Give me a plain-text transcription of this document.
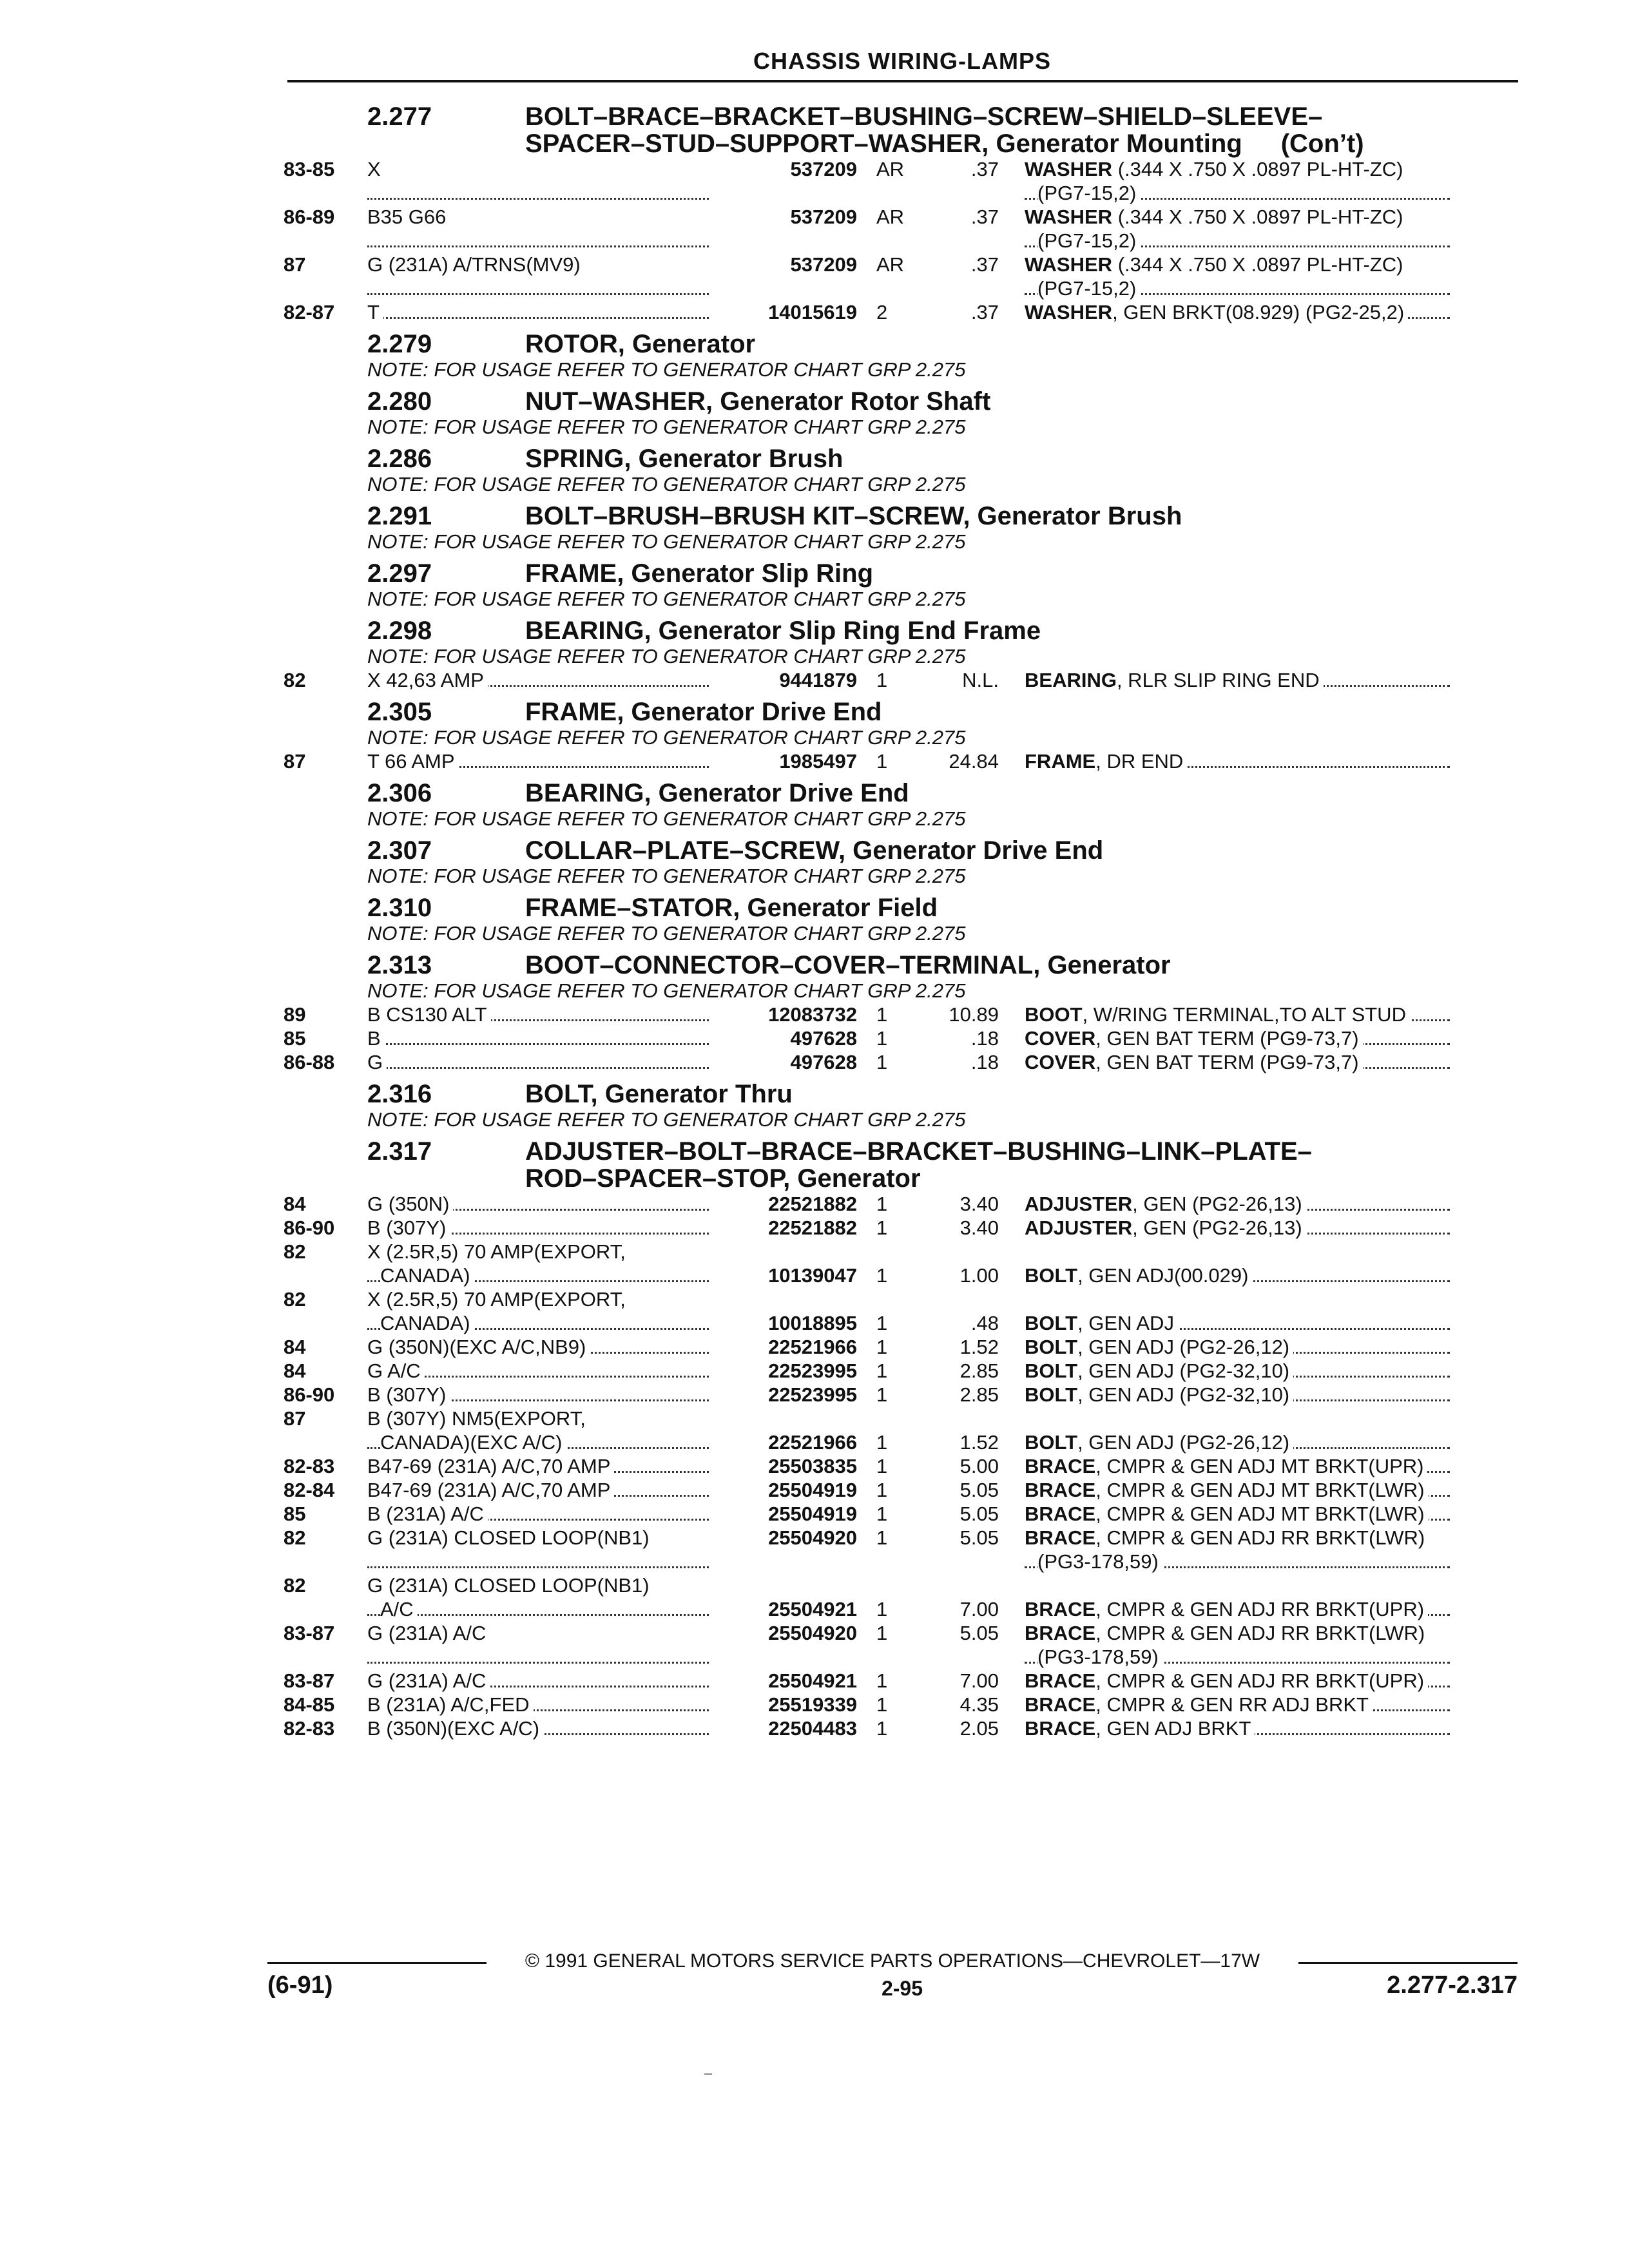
CHASSIS WIRING-LAMPS
2.277	BOLT–BRACE–BRACKET–BUSHING–SCREW–SHIELD–SLEEVE–
SPACER–STUD–SUPPORT–WASHER, Generator Mounting (Con’t)
83-85	X	537209 AR	.37	WASHER (.344 X .750 X .0897 PL-HT-ZC)
(PG7-15,2)
86-89	B35 G66	537209 AR	.37	WASHER (.344 X .750 X .0897 PL-HT-ZC)
(PG7-15,2)
87	G (231A) A/TRNS(MV9)	537209 AR	.37	WASHER (.344 X .750 X .0897 PL-HT-ZC)
(PG7-15,2)
82-87	T	14015619 2	.37	WASHER, GEN BRKT(08.929) (PG2-25,2)
2.279	ROTOR, Generator
NOTE: FOR USAGE REFER TO GENERATOR CHART GRP 2.275
2.280	NUT–WASHER, Generator Rotor Shaft
NOTE: FOR USAGE REFER TO GENERATOR CHART GRP 2.275
2.286	SPRING, Generator Brush
NOTE: FOR USAGE REFER TO GENERATOR CHART GRP 2.275
2.291	BOLT–BRUSH–BRUSH KIT–SCREW, Generator Brush
NOTE: FOR USAGE REFER TO GENERATOR CHART GRP 2.275
2.297	FRAME, Generator Slip Ring
NOTE: FOR USAGE REFER TO GENERATOR CHART GRP 2.275
2.298	BEARING, Generator Slip Ring End Frame
NOTE: FOR USAGE REFER TO GENERATOR CHART GRP 2.275
82	X 42,63 AMP	9441879 1	N.L.	BEARING, RLR SLIP RING END
2.305	FRAME, Generator Drive End
NOTE: FOR USAGE REFER TO GENERATOR CHART GRP 2.275
87	T 66 AMP	1985497 1	24.84	FRAME, DR END
2.306	BEARING, Generator Drive End
NOTE: FOR USAGE REFER TO GENERATOR CHART GRP 2.275
2.307	COLLAR–PLATE–SCREW, Generator Drive End
NOTE: FOR USAGE REFER TO GENERATOR CHART GRP 2.275
2.310	FRAME–STATOR, Generator Field
NOTE: FOR USAGE REFER TO GENERATOR CHART GRP 2.275
2.313	BOOT–CONNECTOR–COVER–TERMINAL, Generator
NOTE: FOR USAGE REFER TO GENERATOR CHART GRP 2.275
89	B CS130 ALT	12083732 1	10.89	BOOT, W/RING TERMINAL,TO ALT STUD
85	B	497628 1	.18	COVER, GEN BAT TERM (PG9-73,7)
86-88	G	497628 1	.18	COVER, GEN BAT TERM (PG9-73,7)
2.316	BOLT, Generator Thru
NOTE: FOR USAGE REFER TO GENERATOR CHART GRP 2.275
2.317	ADJUSTER–BOLT–BRACE–BRACKET–BUSHING–LINK–PLATE–
ROD–SPACER–STOP, Generator
84	G (350N)	22521882 1	3.40	ADJUSTER, GEN (PG2-26,13)
86-90	B (307Y)	22521882 1	3.40	ADJUSTER, GEN (PG2-26,13)
82	X (2.5R,5) 70 AMP(EXPORT,
CANADA)	10139047 1	1.00	BOLT, GEN ADJ(00.029)
82	X (2.5R,5) 70 AMP(EXPORT,
CANADA)	10018895 1	.48	BOLT, GEN ADJ
84	G (350N)(EXC A/C,NB9)	22521966 1	1.52	BOLT, GEN ADJ (PG2-26,12)
84	G A/C	22523995 1	2.85	BOLT, GEN ADJ (PG2-32,10)
86-90	B (307Y)	22523995 1	2.85	BOLT, GEN ADJ (PG2-32,10)
87	B (307Y) NM5(EXPORT,
CANADA)(EXC A/C)	22521966 1	1.52	BOLT, GEN ADJ (PG2-26,12)
82-83	B47-69 (231A) A/C,70 AMP	25503835 1	5.00	BRACE, CMPR & GEN ADJ MT BRKT(UPR)
82-84	B47-69 (231A) A/C,70 AMP	25504919 1	5.05	BRACE, CMPR & GEN ADJ MT BRKT(LWR)
85	B (231A) A/C	25504919 1	5.05	BRACE, CMPR & GEN ADJ MT BRKT(LWR)
82	G (231A) CLOSED LOOP(NB1)	25504920 1	5.05	BRACE, CMPR & GEN ADJ RR BRKT(LWR)
(PG3-178,59)
82	G (231A) CLOSED LOOP(NB1)
A/C	25504921 1	7.00	BRACE, CMPR & GEN ADJ RR BRKT(UPR)
83-87	G (231A) A/C	25504920 1	5.05	BRACE, CMPR & GEN ADJ RR BRKT(LWR)
(PG3-178,59)
83-87	G (231A) A/C	25504921 1	7.00	BRACE, CMPR & GEN ADJ RR BRKT(UPR)
84-85	B (231A) A/C,FED	25519339 1	4.35	BRACE, CMPR & GEN RR ADJ BRKT
82-83	B (350N)(EXC A/C)	22504483 1	2.05	BRACE, GEN ADJ BRKT
© 1991 GENERAL MOTORS SERVICE PARTS OPERATIONS—CHEVROLET—17W
(6-91)	2-95	2.277-2.317
